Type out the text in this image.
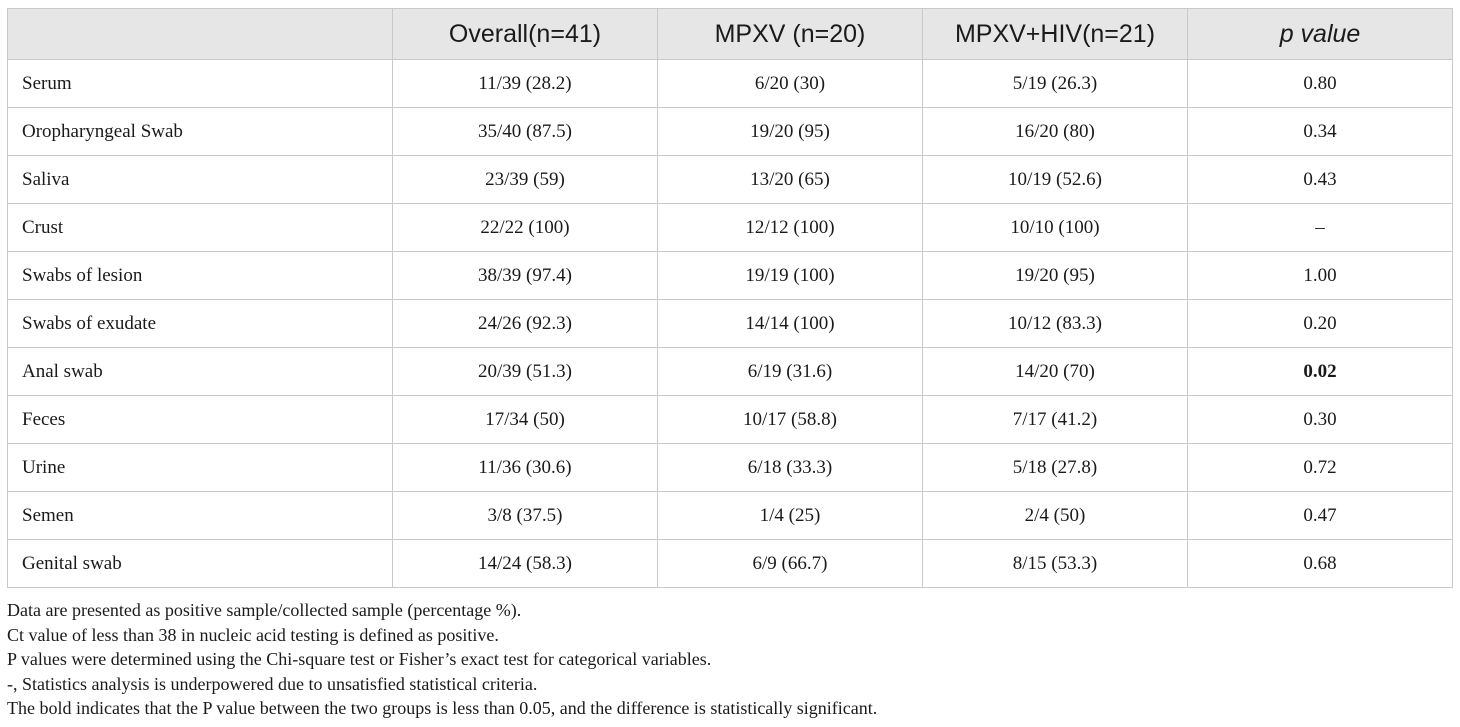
	Overall(n=41)	MPXV (n=20)	MPXV+HIV(n=21)	p value
Serum	11/39 (28.2)	6/20 (30)	5/19 (26.3)	0.80
Oropharyngeal Swab	35/40 (87.5)	19/20 (95)	16/20 (80)	0.34
Saliva	23/39 (59)	13/20 (65)	10/19 (52.6)	0.43
Crust	22/22 (100)	12/12 (100)	10/10 (100)	–
Swabs of lesion	38/39 (97.4)	19/19 (100)	19/20 (95)	1.00
Swabs of exudate	24/26 (92.3)	14/14 (100)	10/12 (83.3)	0.20
Anal swab	20/39 (51.3)	6/19 (31.6)	14/20 (70)	0.02
Feces	17/34 (50)	10/17 (58.8)	7/17 (41.2)	0.30
Urine	11/36 (30.6)	6/18 (33.3)	5/18 (27.8)	0.72
Semen	3/8 (37.5)	1/4 (25)	2/4 (50)	0.47
Genital swab	14/24 (58.3)	6/9 (66.7)	8/15 (53.3)	0.68
Data are presented as positive sample/collected sample (percentage %).
Ct value of less than 38 in nucleic acid testing is defined as positive.
P values were determined using the Chi-square test or Fisher’s exact test for categorical variables.
-, Statistics analysis is underpowered due to unsatisfied statistical criteria.
The bold indicates that the P value between the two groups is less than 0.05, and the difference is statistically significant.
